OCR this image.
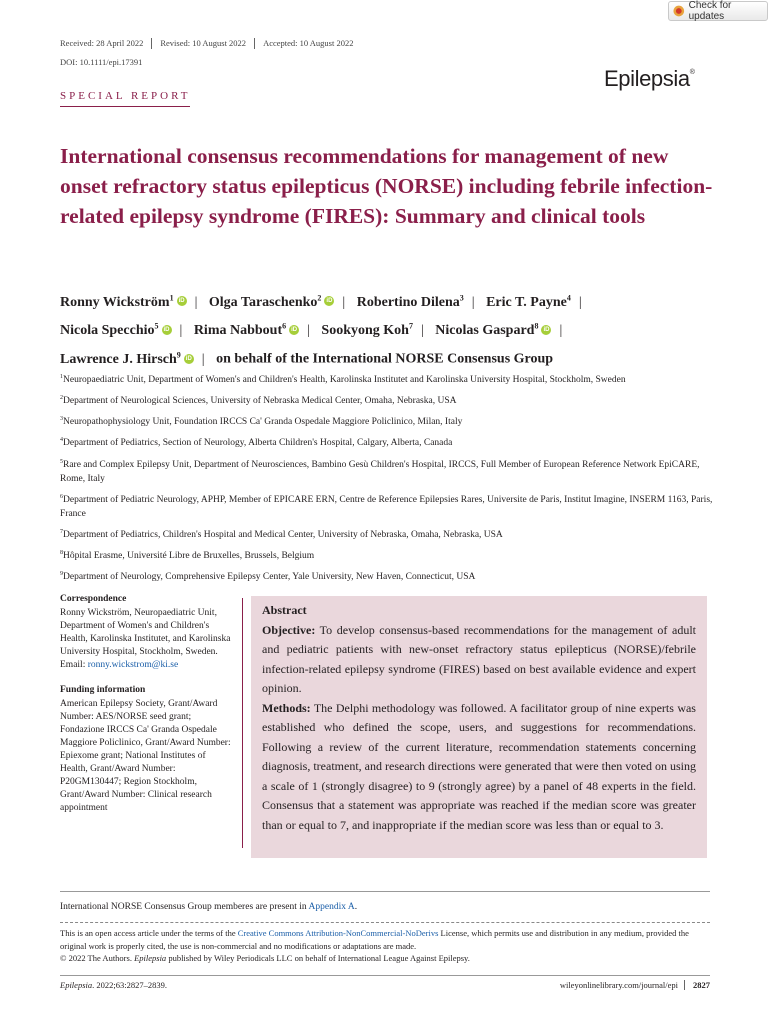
Check for updates
Received: 28 April 2022	Revised: 10 August 2022	Accepted: 10 August 2022
DOI: 10.1111/epi.17391
Epilepsia®
SPECIAL REPORT
International consensus recommendations for management of new onset refractory status epilepticus (NORSE) including febrile infection-related epilepsy syndrome (FIRES): Summary and clinical tools
Ronny Wickström$^1$ iD | Olga Taraschenko$^2$ iD | Robertino Dilena$^3$ | Eric T. Payne$^4$ |
Nicola Specchio$^5$ iD | Rima Nabbout$^6$ iD | Sookyong Koh$^7$ | Nicolas Gaspard$^8$ iD |
Lawrence J. Hirsch$^9$ iD | on behalf of the International NORSE Consensus Group
$^1$Neuropaediatric Unit, Department of Women's and Children's Health, Karolinska Institutet and Karolinska University Hospital, Stockholm, Sweden
$^2$Department of Neurological Sciences, University of Nebraska Medical Center, Omaha, Nebraska, USA
$^3$Neuropathophysiology Unit, Foundation IRCCS Ca' Granda Ospedale Maggiore Policlinico, Milan, Italy
$^4$Department of Pediatrics, Section of Neurology, Alberta Children's Hospital, Calgary, Alberta, Canada
$^5$Rare and Complex Epilepsy Unit, Department of Neurosciences, Bambino Gesù Children's Hospital, IRCCS, Full Member of European Reference Network EpiCARE, Rome, Italy
$^6$Department of Pediatric Neurology, APHP, Member of EPICARE ERN, Centre de Reference Epilepsies Rares, Universite de Paris, Institut Imagine, INSERM 1163, Paris, France
$^7$Department of Pediatrics, Children's Hospital and Medical Center, University of Nebraska, Omaha, Nebraska, USA
$^8$Hôpital Erasme, Université Libre de Bruxelles, Brussels, Belgium
$^9$Department of Neurology, Comprehensive Epilepsy Center, Yale University, New Haven, Connecticut, USA
Correspondence
Ronny Wickström, Neuropaediatric Unit, Department of Women's and Children's Health, Karolinska Institutet, and Karolinska University Hospital, Stockholm, Sweden. Email: ronny.wickstrom@ki.se
Funding information
American Epilepsy Society, Grant/Award Number: AES/NORSE seed grant; Fondazione IRCCS Ca' Granda Ospedale Maggiore Policlinico, Grant/Award Number: Epiexome grant; National Institutes of Health, Grant/Award Number: P20GM130447; Region Stockholm, Grant/Award Number: Clinical research appointment
Abstract

Objective: To develop consensus-based recommendations for the management of adult and pediatric patients with new-onset refractory status epilepticus (NORSE)/febrile infection-related epilepsy syndrome (FIRES) based on best available evidence and expert opinion.

Methods: The Delphi methodology was followed. A facilitator group of nine experts was established who defined the scope, users, and suggestions for recommendations. Following a review of the current literature, recommendation statements concerning diagnosis, treatment, and research directions were generated that were then voted on using a scale of 1 (strongly disagree) to 9 (strongly agree) by a panel of 48 experts in the field. Consensus that a statement was appropriate was reached if the median score was greater than or equal to 7, and inappropriate if the median score was less than or equal to 3.

International NORSE Consensus Group memberes are present in Appendix A.
This is an open access article under the terms of the Creative Commons Attribution-NonCommercial-NoDerivs License, which permits use and distribution in any medium, provided the original work is properly cited, the use is non-commercial and no modifications or adaptations are made.
© 2022 The Authors. Epilepsia published by Wiley Periodicals LLC on behalf of International League Against Epilepsy.
Epilepsia. 2022;63:2827–2839.	wileyonlinelibrary.com/journal/epi 2827
